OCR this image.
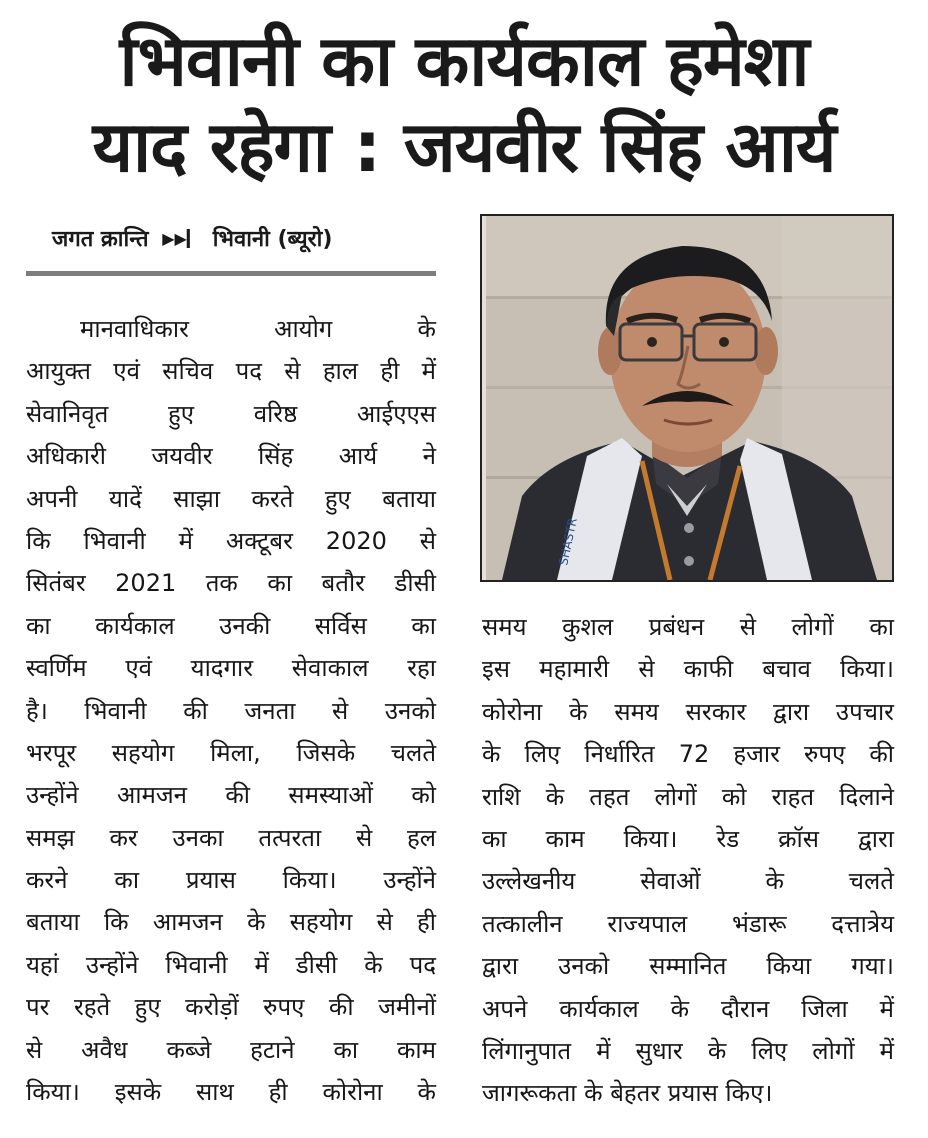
भिवानी का कार्यकाल हमेशा
याद रहेगा : जयवीर सिंह आर्य
जगत क्रान्ति ▶▶▎ भिवानी (ब्यूरो)
मानवाधिकार आयोग के
आयुक्त एवं सचिव पद से हाल ही में
सेवानिवृत हुए वरिष्ठ आईएएस
अधिकारी जयवीर सिंह आर्य ने
अपनी यादें साझा करते हुए बताया
कि भिवानी में अक्टूबर 2020 से
सितंबर 2021 तक का बतौर डीसी
का कार्यकाल उनकी सर्विस का
स्वर्णिम एवं यादगार सेवाकाल रहा
है। भिवानी की जनता से उनको
भरपूर सहयोग मिला, जिसके चलते
उन्होंने आमजन की समस्याओं को
समझ कर उनका तत्परता से हल
करने का प्रयास किया। उन्होंने
बताया कि आमजन के सहयोग से ही
यहां उन्होंने भिवानी में डीसी के पद
पर रहते हुए करोड़ों रुपए की जमीनों
से अवैध कब्जे हटाने का काम
किया। इसके साथ ही कोरोना के
SHASTR
समय कुशल प्रबंधन से लोगों का
इस महामारी से काफी बचाव किया।
कोरोना के समय सरकार द्वारा उपचार
के लिए निर्धारित 72 हजार रुपए की
राशि के तहत लोगों को राहत दिलाने
का काम किया। रेड क्रॉस द्वारा
उल्लेखनीय सेवाओं के चलते
तत्कालीन राज्यपाल भंडारू दत्तात्रेय
द्वारा उनको सम्मानित किया गया।
अपने कार्यकाल के दौरान जिला में
लिंगानुपात में सुधार के लिए लोगों में
जागरूकता के बेहतर प्रयास किए।
